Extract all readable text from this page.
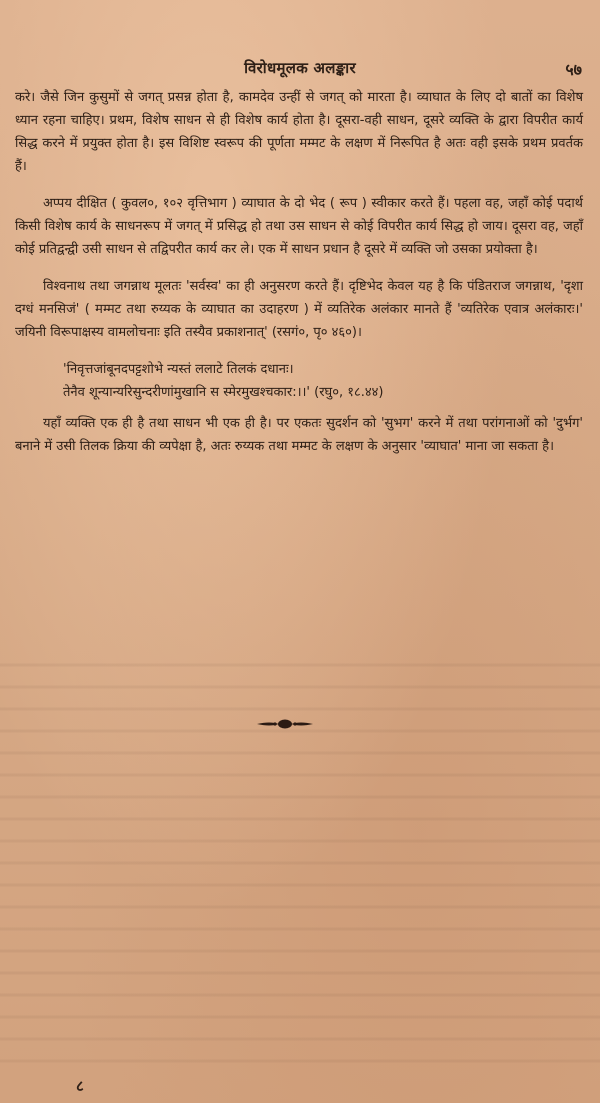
विरोधमूलक अलङ्कार	५७

करे। जैसे जिन कुसुमों से जगत् प्रसन्न होता है, कामदेव उन्हीं से जगत् को मारता है। व्याघात के लिए दो बातों का विशेष ध्यान रहना चाहिए। प्रथम, विशेष साधन से ही विशेष कार्य होता है। दूसरा-वही साधन, दूसरे व्यक्ति के द्वारा विपरीत कार्य सिद्ध करने में प्रयुक्त होता है। इस विशिष्ट स्वरूप की पूर्णता मम्मट के लक्षण में निरूपित है अतः वही इसके प्रथम प्रवर्तक हैं।

अप्पय दीक्षित ( कुवल०, १०२ वृत्तिभाग ) व्याघात के दो भेद ( रूप ) स्वीकार करते हैं। पहला वह, जहाँ कोई पदार्थ किसी विशेष कार्य के साधनरूप में जगत् में प्रसिद्ध हो तथा उस साधन से कोई विपरीत कार्य सिद्ध हो जाय। दूसरा वह, जहाँ कोई प्रतिद्वन्द्वी उसी साधन से तद्विपरीत कार्य कर ले। एक में साधन प्रधान है दूसरे में व्यक्ति जो उसका प्रयोक्ता है।

विश्वनाथ तथा जगन्नाथ मूलतः 'सर्वस्व' का ही अनुसरण करते हैं। दृष्टिभेद केवल यह है कि पंडितराज जगन्नाथ, 'दृशा दग्धं मनसिजं' ( मम्मट तथा रुय्यक के व्याघात का उदाहरण ) में व्यतिरेक अलंकार मानते हैं 'व्यतिरेक एवात्र अलंकारः।' जयिनी विरूपाक्षस्य वामलोचनाः इति तस्यैव प्रकाशनात्' (रसगं०, पृ० ४६०)।

'निवृत्तजांबूनदपट्टशोभे न्यस्तं ललाटे तिलकं दधानः।
तेनैव शून्यान्यरिसुन्दरीणांमुखानि स स्मेरमुखश्चकार:।।' (रघु०, १८.४४)

यहाँ व्यक्ति एक ही है तथा साधन भी एक ही है। पर एकतः सुदर्शन को 'सुभग' करने में तथा परांगनाओं को 'दुर्भग' बनाने में उसी तिलक क्रिया की व्यपेक्षा है, अतः रुय्यक तथा मम्मट के लक्षण के अनुसार 'व्याघात' माना जा सकता है।

८
